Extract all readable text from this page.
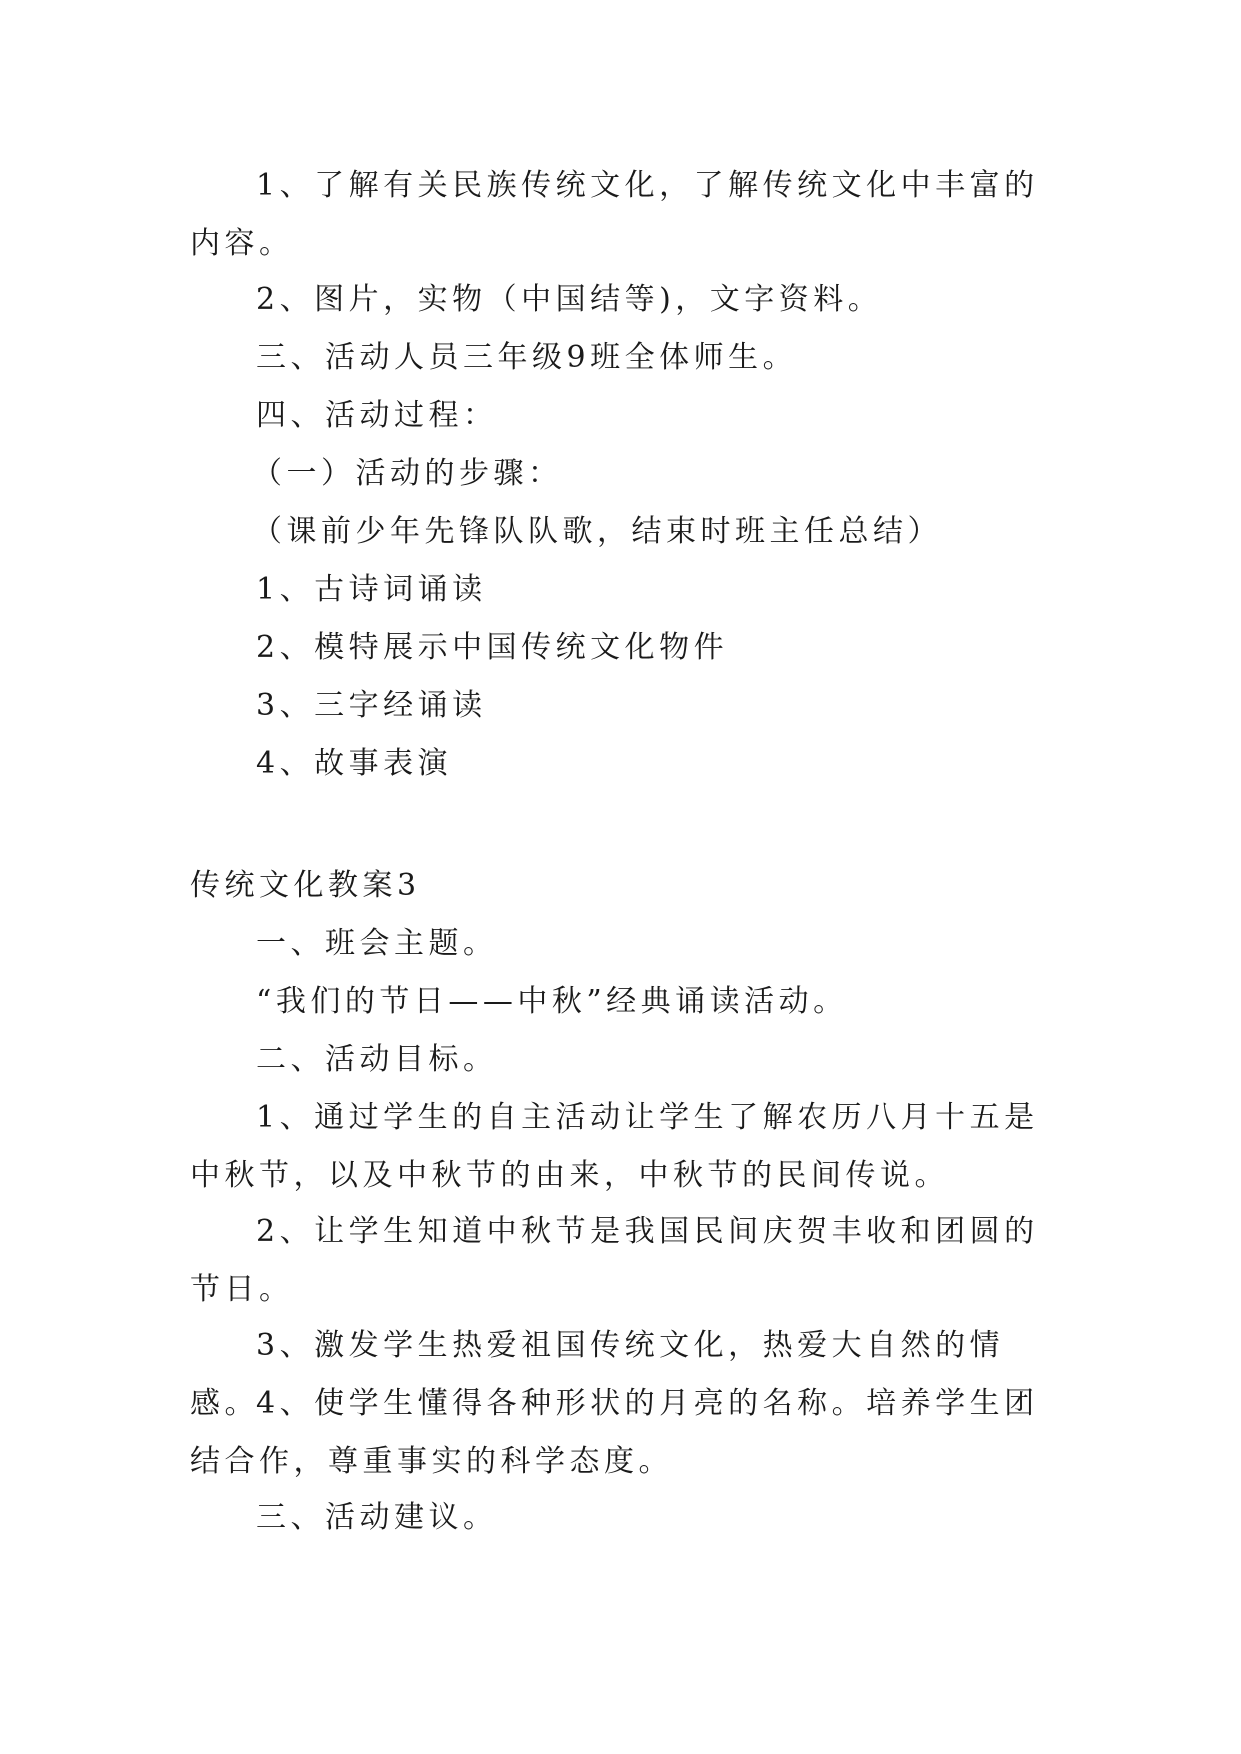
1、了解有关民族传统文化，了解传统文化中丰富的内容。

2、图片，实物（中国结等)，文字资料。

三、活动人员三年级9班全体师生。

四、活动过程：

（一）活动的步骤：

（课前少年先锋队队歌，结束时班主任总结）

1、古诗词诵读

2、模特展示中国传统文化物件

3、三字经诵读

4、故事表演

传统文化教案3

一、班会主题。

“我们的节日——中秋”经典诵读活动。

二、活动目标。

1、通过学生的自主活动让学生了解农历八月十五是中秋节，以及中秋节的由来，中秋节的民间传说。

2、让学生知道中秋节是我国民间庆贺丰收和团圆的节日。

3、激发学生热爱祖国传统文化，热爱大自然的情感。

4、使学生懂得各种形状的月亮的名称。培养学生团结合作，尊重事实的科学态度。

三、活动建议。
